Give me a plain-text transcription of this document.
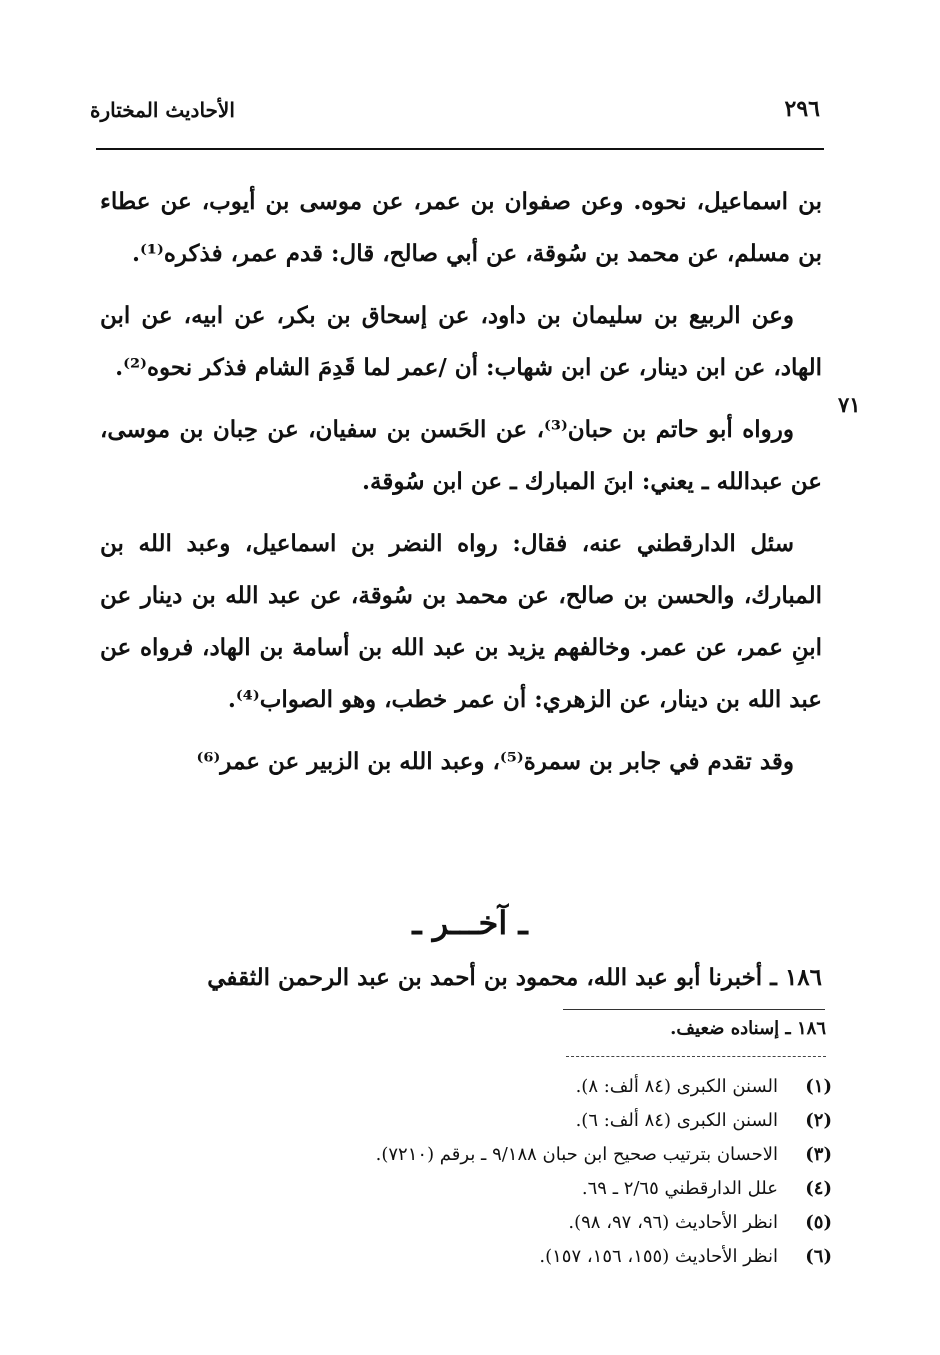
٢٩٦
الأحاديث المختارة
بن اسماعيل، نحوه. وعن صفوان بن عمر، عن موسى بن أيوب، عن عطاء بن مسلم، عن محمد بن سُوقة، عن أبي صالح، قال: قدم عمر، فذكره⁽¹⁾.
وعن الربيع بن سليمان بن داود، عن إسحاق بن بكر، عن ابيه، عن ابن الهاد، عن ابن دينار، عن ابن شهاب: أن /عمر لما قَدِمَ الشام فذكر نحوه⁽²⁾.
ورواه أبو حاتم بن حبان⁽³⁾، عن الحَسن بن سفيان، عن حِبان بن موسى، عن عبدالله ـ يعني: ابنَ المبارك ـ عن ابن سُوقة.
سئل الدارقطني عنه، فقال: رواه النضر بن اسماعيل، وعبد الله بن المبارك، والحسن بن صالح، عن محمد بن سُوقة، عن عبد الله بن دينار عن ابنِ عمر، عن عمر. وخالفهم يزيد بن عبد الله بن أسامة بن الهاد، فرواه عن عبد الله بن دينار، عن الزهري: أن عمر خطب، وهو الصواب⁽⁴⁾.
وقد تقدم في جابر بن سمرة⁽⁵⁾، وعبد الله بن الزبير عن عمر⁽⁶⁾
٧١
ـ آخـــر ـ
١٨٦ ـ أخبرنا أبو عبد الله، محمود بن أحمد بن عبد الرحمن الثقفي
١٨٦ ـ إسناده ضعيف.
(١)السنن الكبرى (٨٤ ألف: ٨).
(٢)السنن الكبرى (٨٤ ألف: ٦).
(٣)الاحسان بترتيب صحيح ابن حبان ٩/١٨٨ ـ برقم (٧٢١٠).
(٤)علل الدارقطني ٢/٦٥ ـ ٦٩.
(٥)انظر الأحاديث (٩٦، ٩٧، ٩٨).
(٦)انظر الأحاديث (١٥٥، ١٥٦، ١٥٧).
